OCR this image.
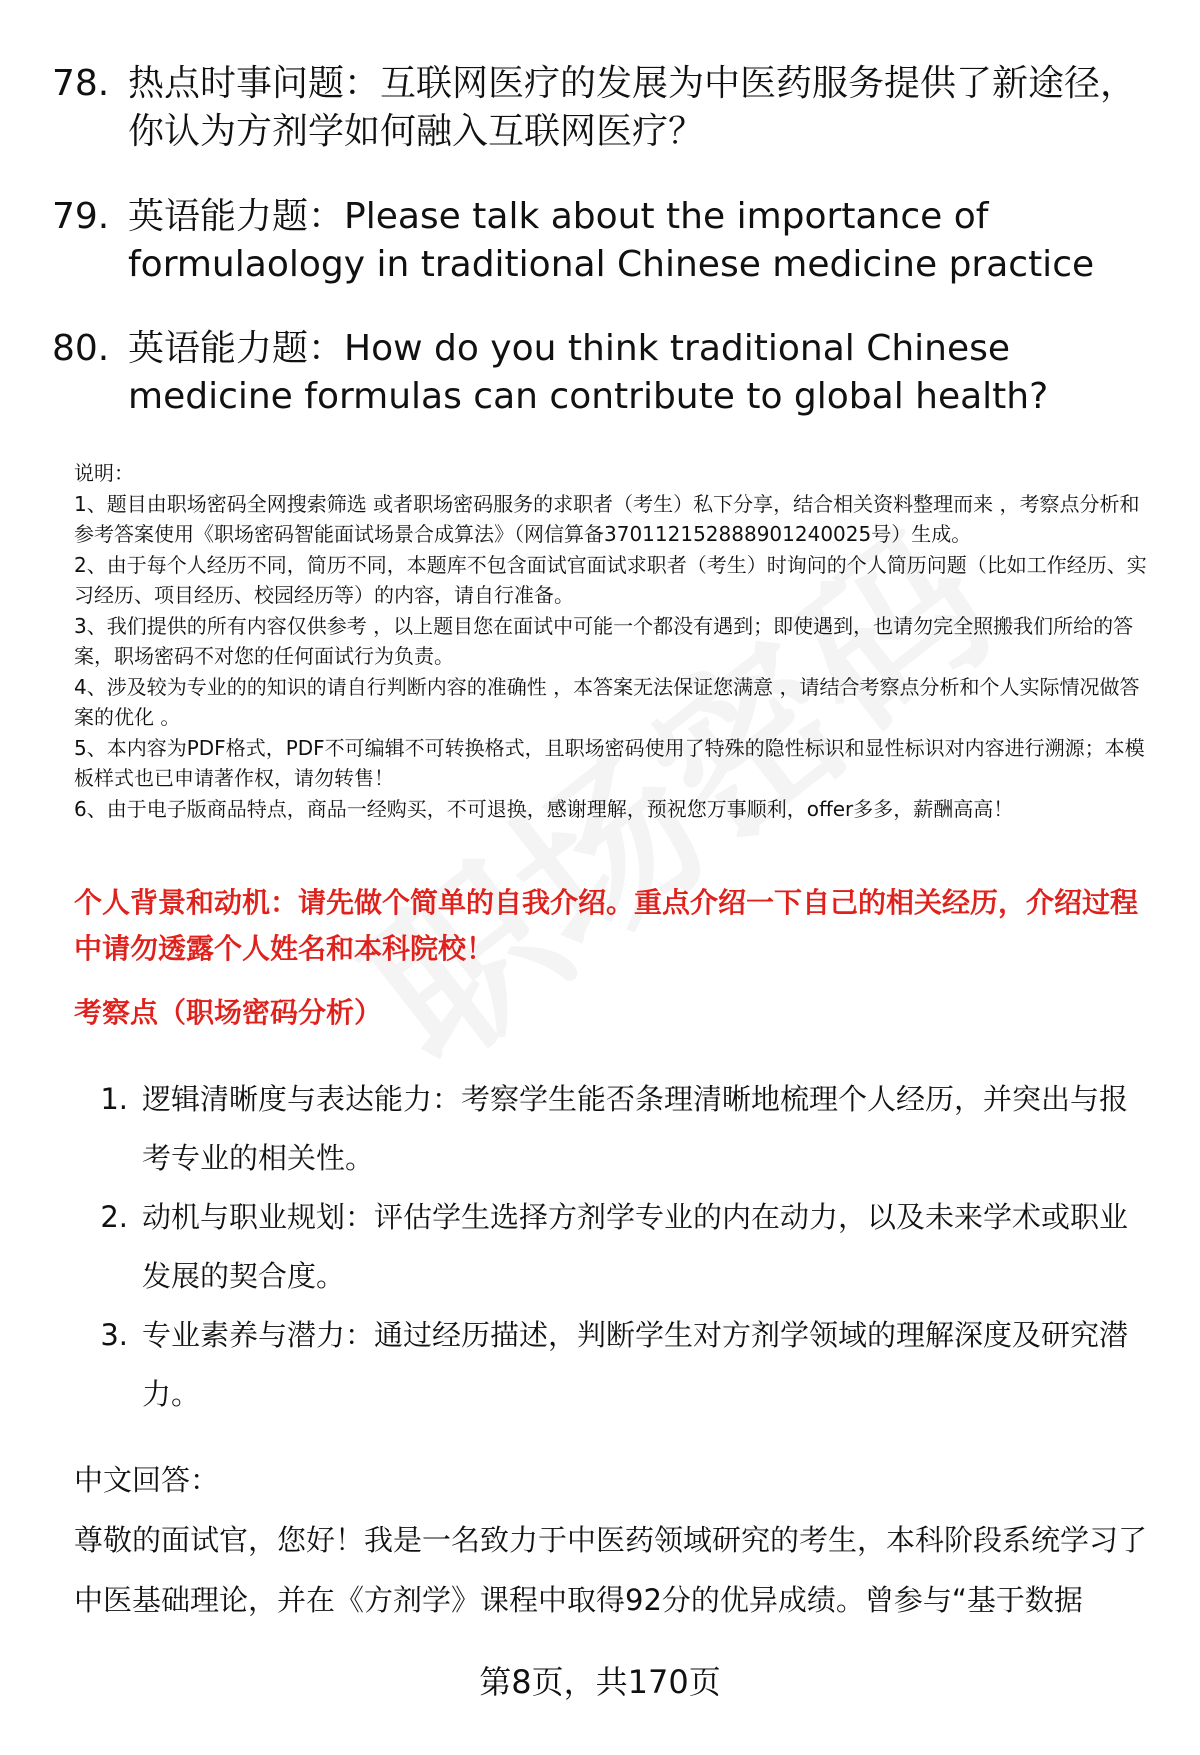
78. 热点时事问题：互联网医疗的发展为中医药服务提供了新途径，你认为方剂学如何融入互联网医疗？
79. 英语能力题：Please talk about the importance of formulaology in traditional Chinese medicine practice
80. 英语能力题：How do you think traditional Chinese medicine formulas can contribute to global health?
说明：
1、题目由职场密码全网搜索筛选 或者职场密码服务的求职者（考生）私下分享，结合相关资料整理而来 ，考察点分析和参考答案使用《职场密码智能面试场景合成算法》（网信算备370112152888901240025号）生成。
2、由于每个人经历不同，简历不同，本题库不包含面试官面试求职者（考生）时询问的个人简历问题（比如工作经历、实习经历、项目经历、校园经历等）的内容，请自行准备。
3、我们提供的所有内容仅供参考 ，以上题目您在面试中可能一个都没有遇到；即使遇到，也请勿完全照搬我们所给的答案，职场密码不对您的任何面试行为负责。
4、涉及较为专业的的知识的请自行判断内容的准确性 ，本答案无法保证您满意 ，请结合考察点分析和个人实际情况做答案的优化 。
5、本内容为PDF格式，PDF不可编辑不可转换格式，且职场密码使用了特殊的隐性标识和显性标识对内容进行溯源；本模板样式也已申请著作权，请勿转售！
6、由于电子版商品特点，商品一经购买，不可退换，感谢理解，预祝您万事顺利，offer多多，薪酬高高！
个人背景和动机：请先做个简单的自我介绍。重点介绍一下自己的相关经历，介绍过程中请勿透露个人姓名和本科院校！
考察点（职场密码分析）
1. 逻辑清晰度与表达能力：考察学生能否条理清晰地梳理个人经历，并突出与报考专业的相关性。
2. 动机与职业规划：评估学生选择方剂学专业的内在动力，以及未来学术或职业发展的契合度。
3. 专业素养与潜力：通过经历描述，判断学生对方剂学领域的理解深度及研究潜力。
中文回答：
尊敬的面试官，您好！我是一名致力于中医药领域研究的考生，本科阶段系统学习了中医基础理论，并在《方剂学》课程中取得92分的优异成绩。曾参与“基于数据
第8页，共170页
